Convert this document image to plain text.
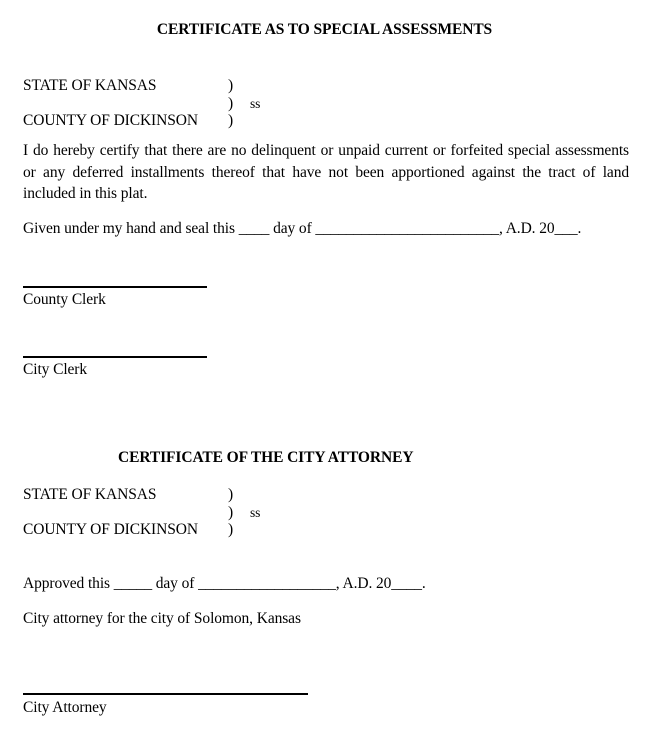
CERTIFICATE AS TO SPECIAL ASSESSMENTS
STATE OF KANSAS	)
) ss
COUNTY OF DICKINSON )
I do hereby certify that there are no delinquent or unpaid current or forfeited special assessments
or any deferred installments thereof that have not been apportioned against the tract of land
included in this plat.
Given under my hand and seal this ____ day of ________________________, A.D. 20___.
County Clerk
City Clerk
CERTIFICATE OF THE CITY ATTORNEY
STATE OF KANSAS	)
) ss
COUNTY OF DICKINSON )
Approved this _____ day of __________________, A.D. 20____.
City attorney for the city of Solomon, Kansas
City Attorney
